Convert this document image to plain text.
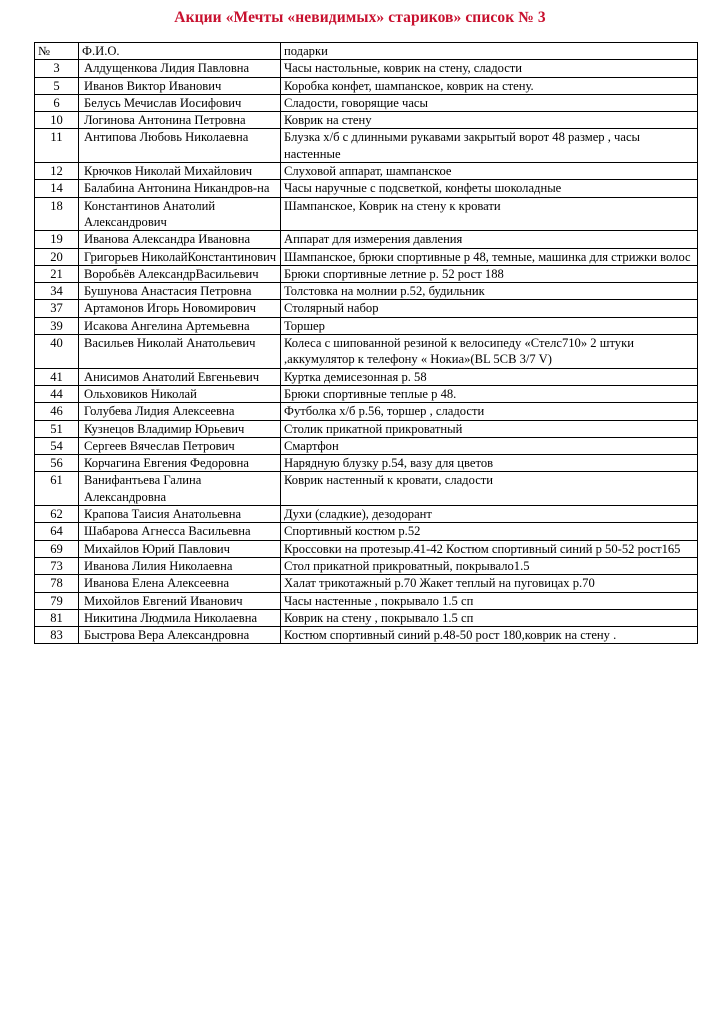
Акции «Мечты «невидимых» стариков» список № 3
№	Ф.И.О.	подарки
3	Алдущенкова Лидия Павловна	Часы настольные, коврик на стену, сладости
5	Иванов Виктор Иванович	Коробка конфет, шампанское, коврик на стену.
6	Белусь Мечислав Иосифович	Сладости, говорящие часы
10	Логинова Антонина Петровна	Коврик на стену
11	Антипова Любовь Николаевна	Блузка х/б с длинными рукавами закрытый ворот 48 размер , часы настенные
12	Крючков Николай Михайлович	Слуховой аппарат, шампанское
14	Балабина Антонина Никандров-на	Часы наручные с подсветкой, конфеты шоколадные
18	Константинов Анатолий Александрович	Шампанское, Коврик на стену к кровати
19	Иванова Александра Ивановна	Аппарат для измерения давления
20	Григорьев НиколайКонстантинович	Шампанское, брюки спортивные р 48, темные, машинка для стрижки волос
21	Воробьёв АлександрВасильевич	Брюки спортивные летние р. 52 рост 188
34	Бушунова Анастасия Петровна	Толстовка на молнии р.52, будильник
37	Артамонов Игорь Новомирович	Столярный набор
39	Исакова Ангелина Артемьевна	Торшер
40	Васильев Николай Анатольевич	Колеса с шипованной резиной к велосипеду «Стелс710» 2 штуки ,аккумулятор к телефону « Нокиа»(BL 5CB 3/7 V)
41	Анисимов Анатолий Евгеньевич	Куртка демисезонная р. 58
44	Ольховиков Николай	Брюки спортивные теплые р 48.
46	Голубева Лидия Алексеевна	Футболка х/б р.56, торшер , сладости
51	Кузнецов Владимир Юрьевич	Столик прикатной прикроватный
54	Сергеев Вячеслав Петрович	Смартфон
56	Корчагина Евгения Федоровна	Нарядную блузку р.54, вазу для цветов
61	Ванифантьева Галина Александровна	Коврик настенный к кровати, сладости
62	Крапова Таисия Анатольевна	Духи (сладкие), дезодорант
64	Шабарова Агнесса Васильевна	Спортивный костюм р.52
69	Михайлов Юрий Павлович	Кроссовки на протезыр.41-42 Костюм спортивный синий р 50-52 рост165
73	Иванова Лилия Николаевна	Стол прикатной прикроватный, покрывало1.5
78	Иванова Елена Алексеевна	Халат трикотажный р.70 Жакет теплый на пуговицах р.70
79	Михойлов Евгений Иванович	Часы настенные , покрывало 1.5 сп
81	Никитина Людмила Николаевна	Коврик на стену , покрывало 1.5 сп
83	Быстрова Вера Александровна	Костюм спортивный синий р.48-50 рост 180,коврик на стену .
